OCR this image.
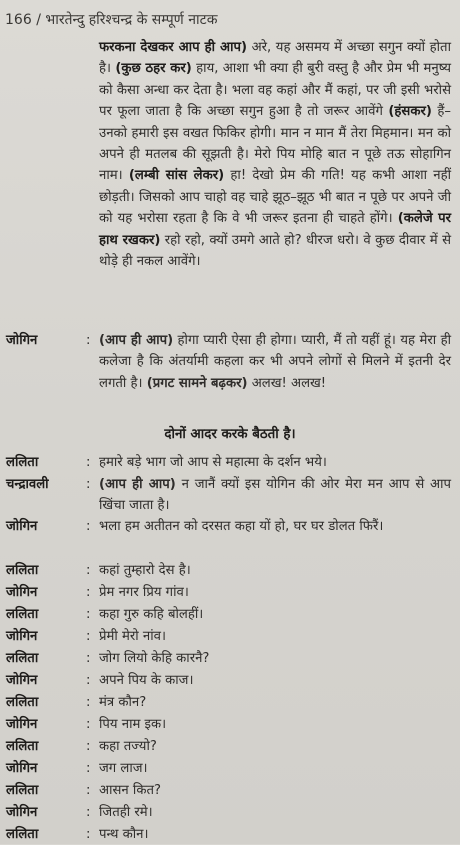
166 / भारतेन्दु हरिश्चन्द्र के सम्पूर्ण नाटक
फरकना देखकर आप ही आप) अरे, यह असमय में अच्छा सगुन क्यों होता है। (कुछ ठहर कर) हाय, आशा भी क्या ही बुरी वस्तु है और प्रेम भी मनुष्य को कैसा अन्धा कर देता है। भला वह कहां और मैं कहां, पर जी इसी भरोसे पर फूला जाता है कि अच्छा सगुन हुआ है तो जरूर आवेंगे (हंसकर) हैं– उनको हमारी इस वखत फिकिर होगी। मान न मान मैं तेरा मिहमान। मन को अपने ही मतलब की सूझती है। मेरो पिय मोहि बात न पूछे तऊ सोहागिन नाम। (लम्बी सांस लेकर) हा! देखो प्रेम की गति! यह कभी आशा नहीं छोड़ती। जिसको आप चाहो वह चाहे झूठ–झूठ भी बात न पूछे पर अपने जी को यह भरोसा रहता है कि वे भी जरूर इतना ही चाहते होंगे। (कलेजे पर हाथ रखकर) रहो रहो, क्यों उमगे आते हो? धीरज धरो। वे कुछ दीवार में से थोड़े ही नकल आवेंगे।
जोगिन	: (आप ही आप) होगा प्यारी ऐसा ही होगा। प्यारी, मैं तो यहीं हूं। यह मेरा ही कलेजा है कि अंतर्यामी कहला कर भी अपने लोगों से मिलने में इतनी देर लगती है। (प्रगट सामने बढ़कर) अलख! अलख!
दोनों आदर करके बैठती है।
ललिता	: हमारे बड़े भाग जो आप से महात्मा के दर्शन भये।
चन्द्रावली	: (आप ही आप) न जानैं क्यों इस योगिन की ओर मेरा मन आप से आप खिंचा जाता है।
जोगिन	: भला हम अतीतन को दरसत कहा यों हो, घर घर डोलत फिरैं।
ललिता	: कहां तुम्हारो देस है।
जोगिन	: प्रेम नगर प्रिय गांव।
ललिता	: कहा गुरु कहि बोलहीं।
जोगिन	: प्रेमी मेरो नांव।
ललिता	: जोग लियो केहि कारनै?
जोगिन	: अपने पिय के काज।
ललिता	: मंत्र कौन?
जोगिन	: पिय नाम इक।
ललिता	: कहा तज्यो?
जोगिन	: जग लाज।
ललिता	: आसन कित?
जोगिन	: जितही रमे।
ललिता	: पन्थ कौन।
